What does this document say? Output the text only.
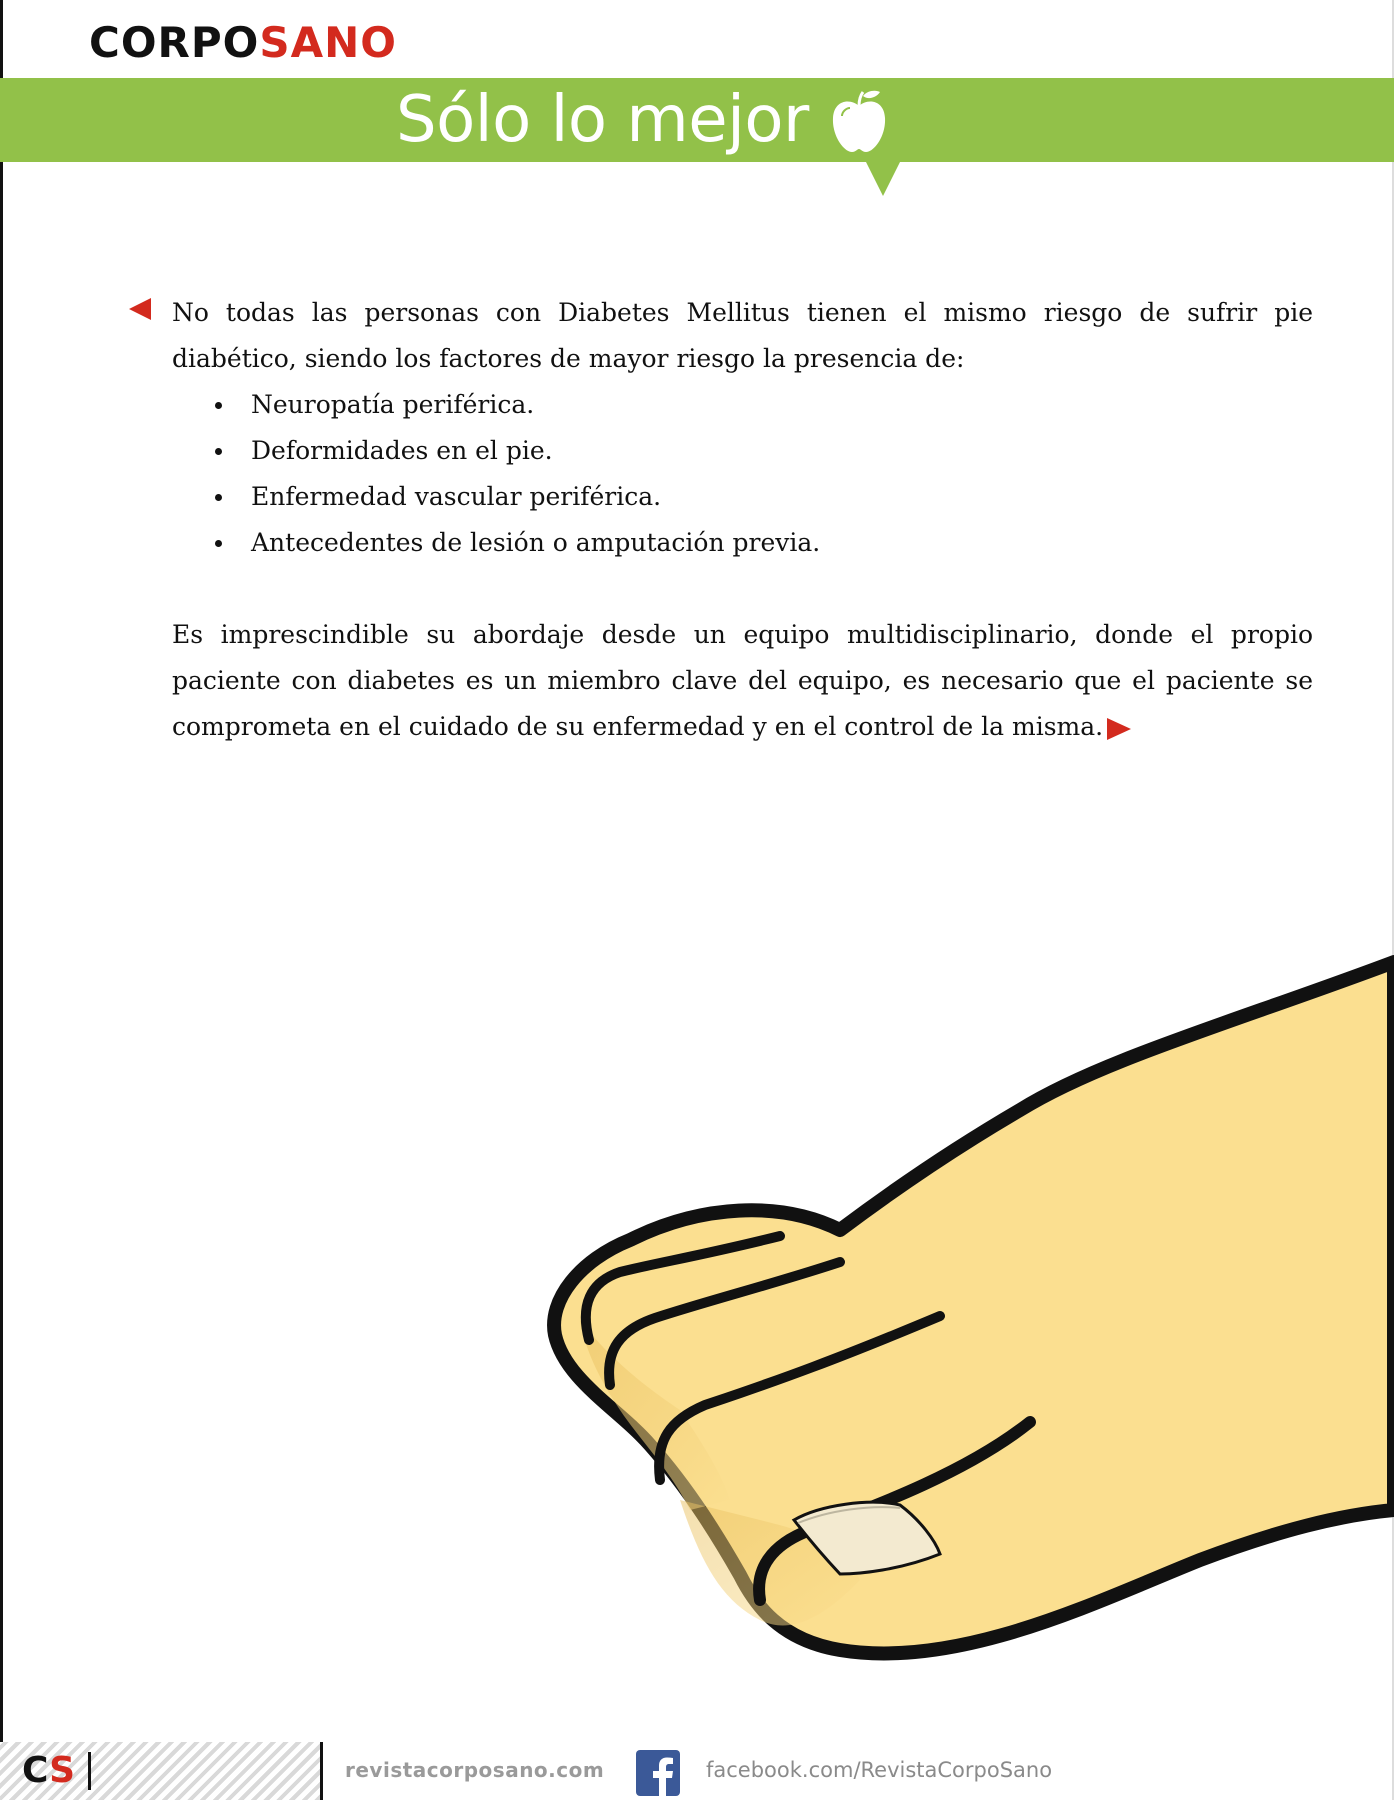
CORPOSANO
Sólo lo mejor

No todas las personas con Diabetes Mellitus tienen el mismo riesgo de sufrir pie diabético, siendo los factores de mayor riesgo la presencia de:

Neuropatía periférica.
Deformidades en el pie.
Enfermedad vascular periférica.
Antecedentes de lesión o amputación previa.

Es imprescindible su abordaje desde un equipo multidisciplinario, donde el propio paciente con diabetes es un miembro clave del equipo, es necesario que el paciente se comprometa en el cuidado de su enfermedad y en el control de la misma.

CS	revistacorposano.com	facebook.com/RevistaCorpoSano
